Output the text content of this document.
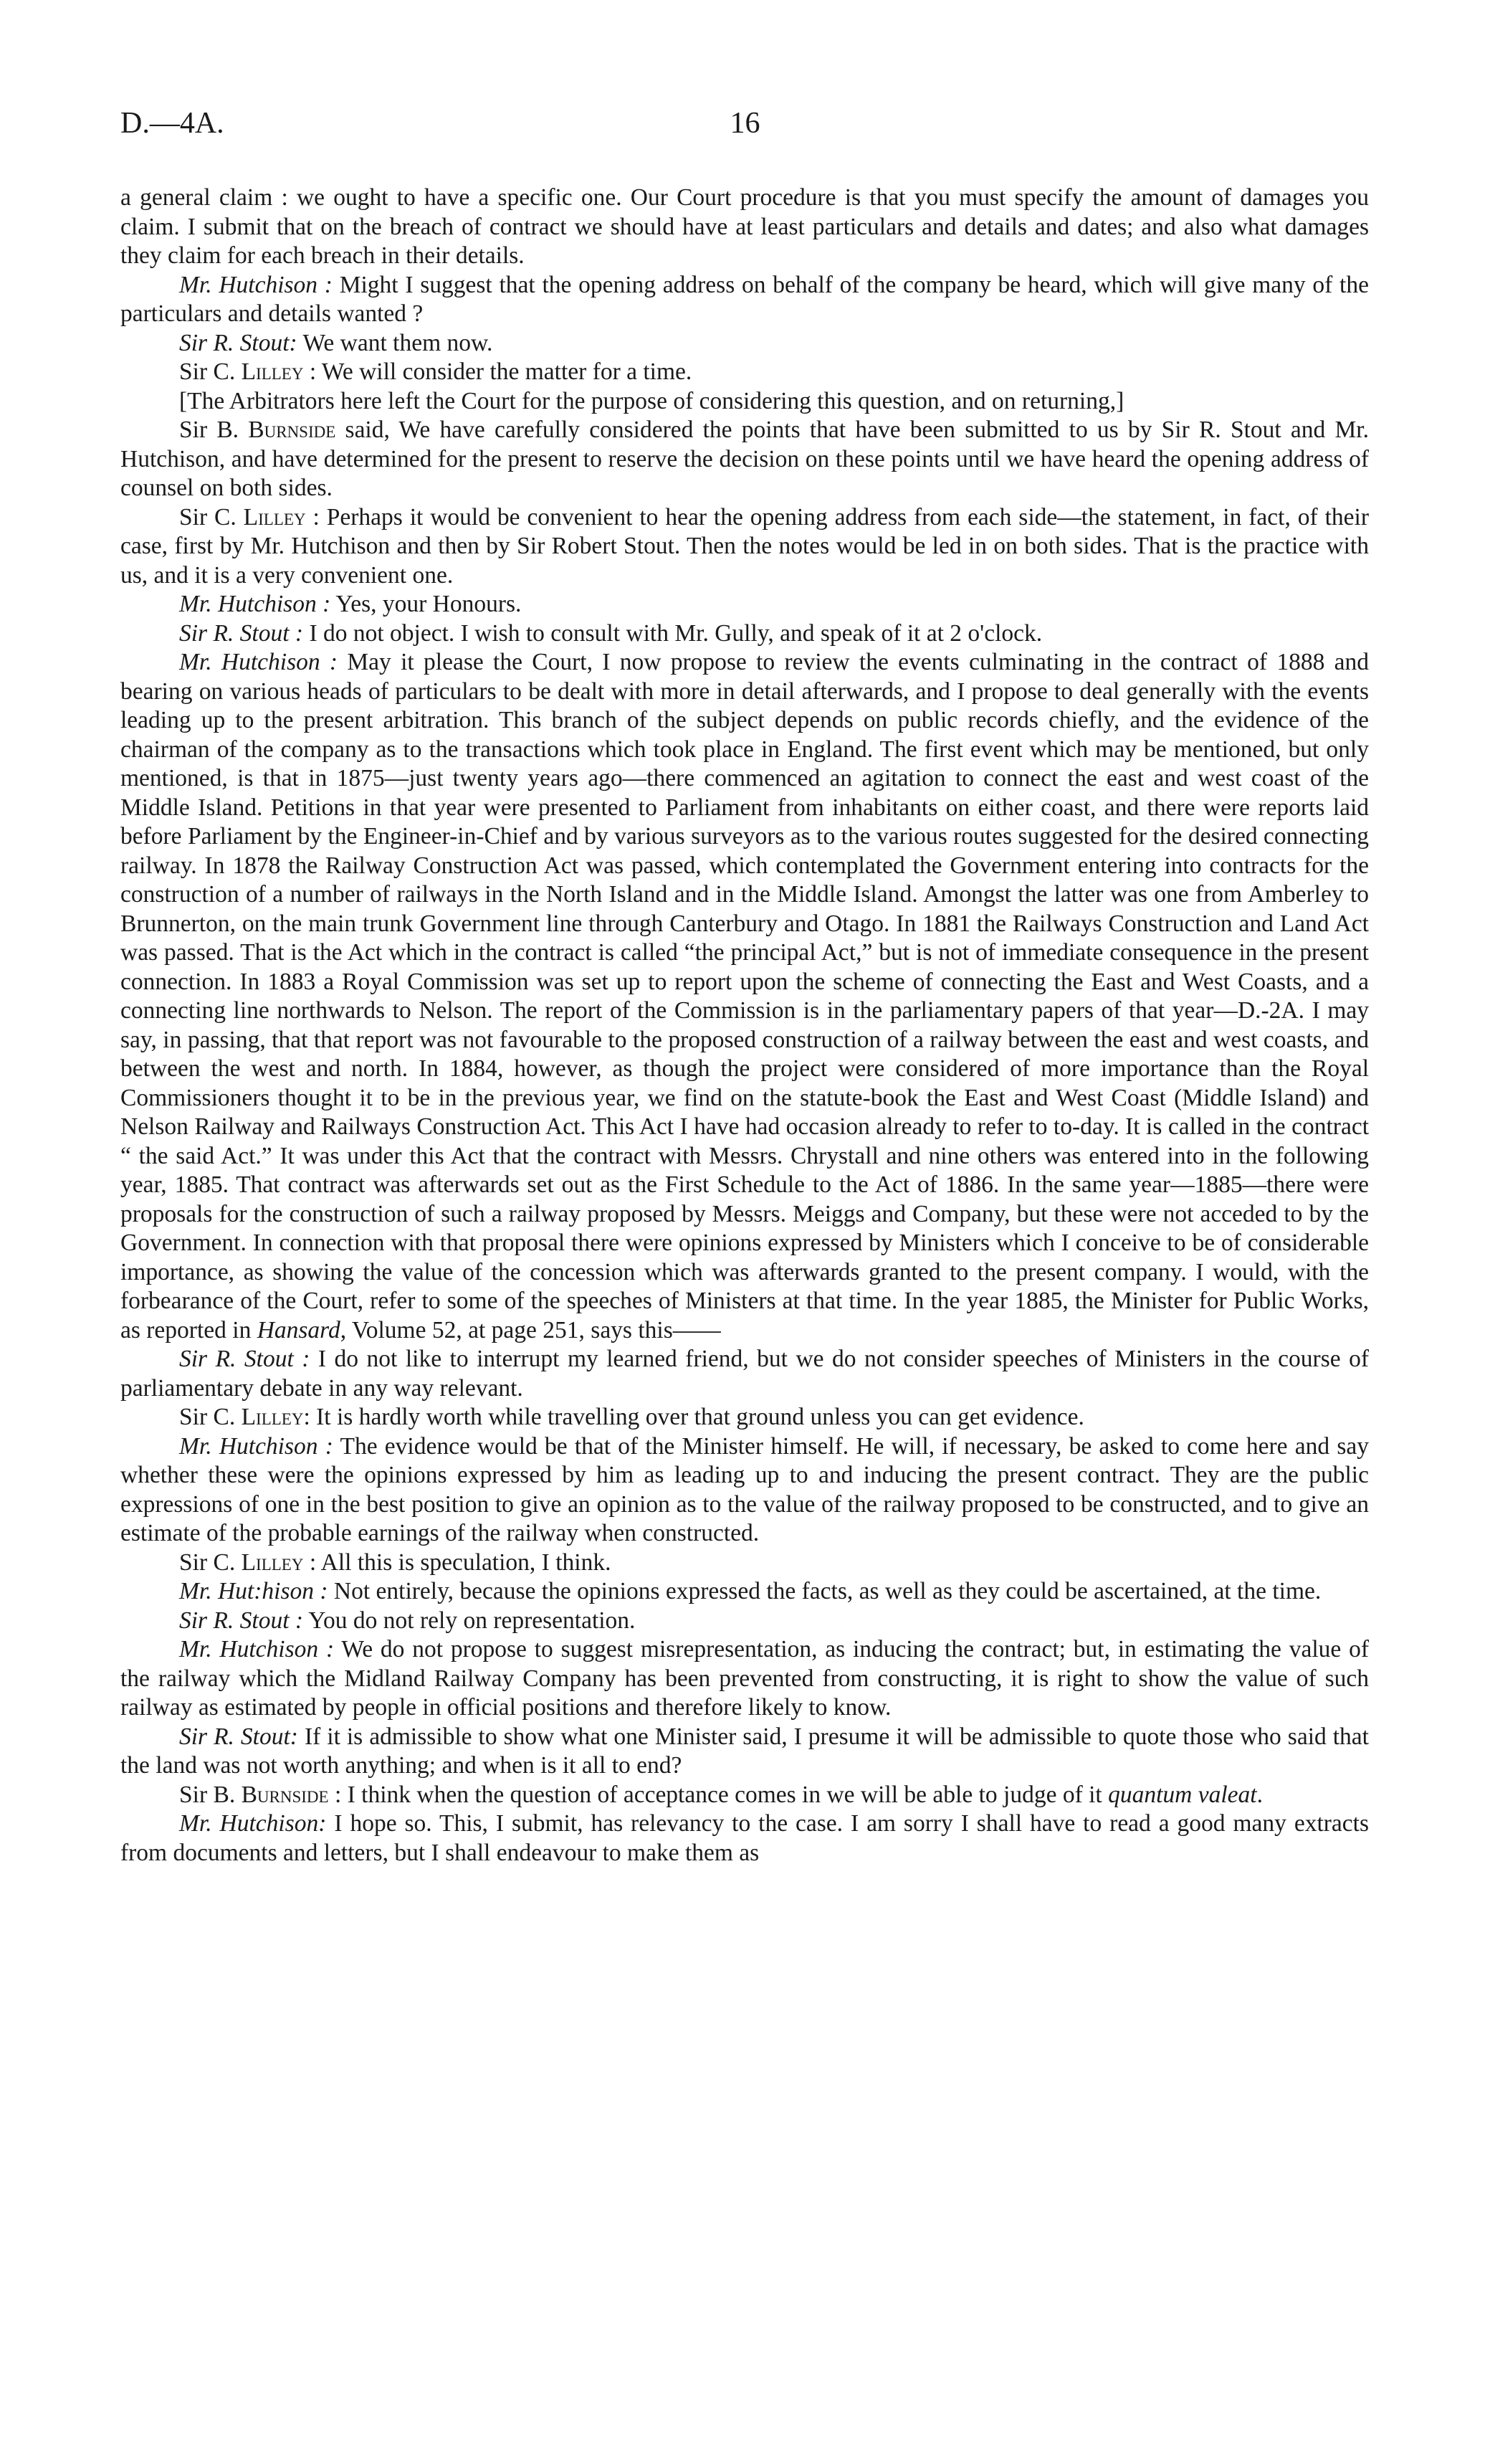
D.—4A.	16

a general claim : we ought to have a specific one. Our Court procedure is that you must specify the amount of damages you claim. I submit that on the breach of contract we should have at least particulars and details and dates; and also what damages they claim for each breach in their details.

Mr. Hutchison : Might I suggest that the opening address on behalf of the company be heard, which will give many of the particulars and details wanted ?

Sir R. Stout: We want them now.

Sir C. Lilley : We will consider the matter for a time.

[The Arbitrators here left the Court for the purpose of considering this question, and on returning,]

Sir B. Burnside said, We have carefully considered the points that have been submitted to us by Sir R. Stout and Mr. Hutchison, and have determined for the present to reserve the decision on these points until we have heard the opening address of counsel on both sides.

Sir C. Lilley : Perhaps it would be convenient to hear the opening address from each side—the statement, in fact, of their case, first by Mr. Hutchison and then by Sir Robert Stout. Then the notes would be led in on both sides. That is the practice with us, and it is a very convenient one.

Mr. Hutchison : Yes, your Honours.

Sir R. Stout : I do not object. I wish to consult with Mr. Gully, and speak of it at 2 o'clock.

Mr. Hutchison : May it please the Court, I now propose to review the events culminating in the contract of 1888 and bearing on various heads of particulars to be dealt with more in detail afterwards, and I propose to deal generally with the events leading up to the present arbitration. This branch of the subject depends on public records chiefly, and the evidence of the chairman of the company as to the transactions which took place in England. The first event which may be mentioned, but only mentioned, is that in 1875—just twenty years ago—there commenced an agitation to connect the east and west coast of the Middle Island. Petitions in that year were presented to Parliament from inhabitants on either coast, and there were reports laid before Parliament by the Engineer-in-Chief and by various surveyors as to the various routes suggested for the desired connecting railway. In 1878 the Railway Construction Act was passed, which contemplated the Government entering into contracts for the construction of a number of railways in the North Island and in the Middle Island. Amongst the latter was one from Amberley to Brunnerton, on the main trunk Government line through Canterbury and Otago. In 1881 the Railways Construction and Land Act was passed. That is the Act which in the contract is called “the principal Act,” but is not of immediate consequence in the present connection. In 1883 a Royal Commission was set up to report upon the scheme of connecting the East and West Coasts, and a connecting line northwards to Nelson. The report of the Commission is in the parliamentary papers of that year—D.-2A. I may say, in passing, that that report was not favourable to the proposed construction of a railway between the east and west coasts, and between the west and north. In 1884, however, as though the project were considered of more importance than the Royal Commissioners thought it to be in the previous year, we find on the statute-book the East and West Coast (Middle Island) and Nelson Railway and Railways Construction Act. This Act I have had occasion already to refer to to-day. It is called in the contract “ the said Act.” It was under this Act that the contract with Messrs. Chrystall and nine others was entered into in the following year, 1885. That contract was afterwards set out as the First Schedule to the Act of 1886. In the same year—1885—there were proposals for the construction of such a railway proposed by Messrs. Meiggs and Company, but these were not acceded to by the Government. In connection with that proposal there were opinions expressed by Ministers which I conceive to be of considerable importance, as showing the value of the concession which was afterwards granted to the present company. I would, with the forbearance of the Court, refer to some of the speeches of Ministers at that time. In the year 1885, the Minister for Public Works, as reported in Hansard, Volume 52, at page 251, says this——

Sir R. Stout : I do not like to interrupt my learned friend, but we do not consider speeches of Ministers in the course of parliamentary debate in any way relevant.

Sir C. Lilley: It is hardly worth while travelling over that ground unless you can get evidence.

Mr. Hutchison : The evidence would be that of the Minister himself. He will, if necessary, be asked to come here and say whether these were the opinions expressed by him as leading up to and inducing the present contract. They are the public expressions of one in the best position to give an opinion as to the value of the railway proposed to be constructed, and to give an estimate of the probable earnings of the railway when constructed.

Sir C. Lilley : All this is speculation, I think.

Mr. Hut:hison : Not entirely, because the opinions expressed the facts, as well as they could be ascertained, at the time.

Sir R. Stout : You do not rely on representation.

Mr. Hutchison : We do not propose to suggest misrepresentation, as inducing the contract; but, in estimating the value of the railway which the Midland Railway Company has been prevented from constructing, it is right to show the value of such railway as estimated by people in official positions and therefore likely to know.

Sir R. Stout: If it is admissible to show what one Minister said, I presume it will be admissible to quote those who said that the land was not worth anything; and when is it all to end?

Sir B. Burnside : I think when the question of acceptance comes in we will be able to judge of it quantum valeat.

Mr. Hutchison: I hope so. This, I submit, has relevancy to the case. I am sorry I shall have to read a good many extracts from documents and letters, but I shall endeavour to make them as
